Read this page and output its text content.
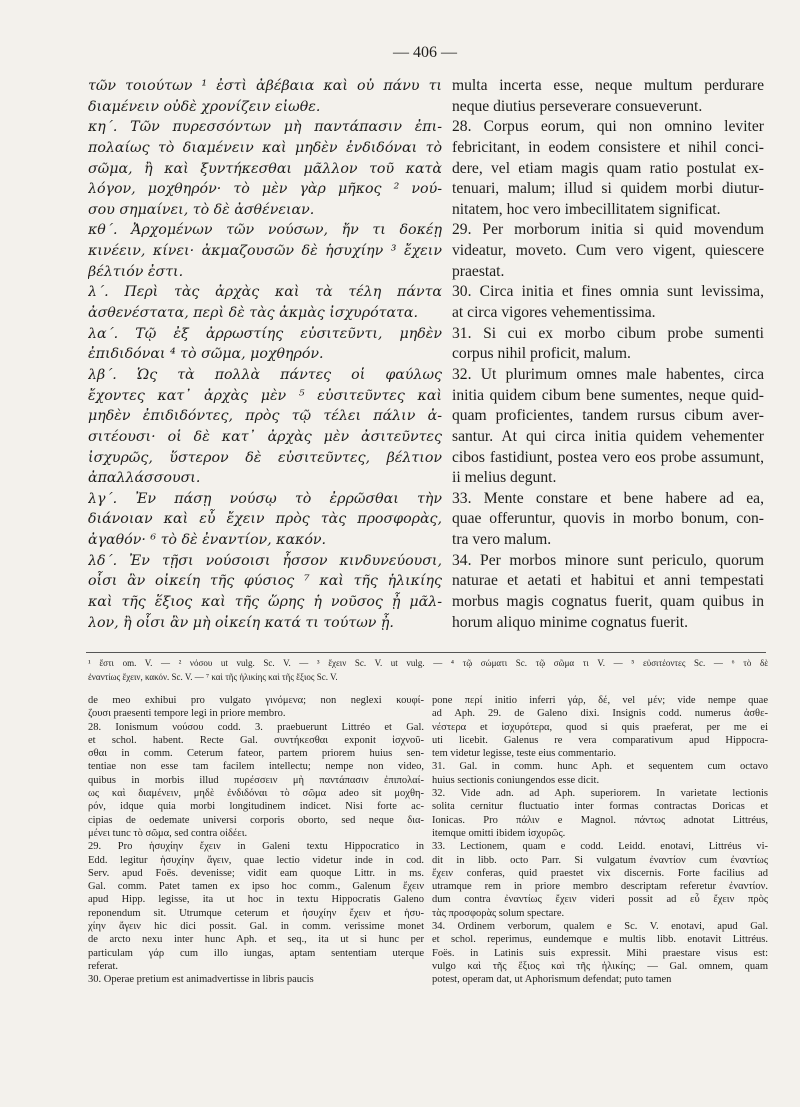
— 406 —
τῶν τοιούτων ¹ ἐστὶ ἀβέβαια καὶ οὐ πάνυ τι
διαμένειν οὐδὲ χρονίζειν εἰωθε.
κη΄. Τῶν πυρεσσόντων μὴ παντάπασιν ἐπι-
πολαίως τὸ διαμένειν καὶ μηδὲν ἐνδιδόναι τὸ
σῶμα, ἢ καὶ ξυντήκεσθαι μᾶλλον τοῦ κατὰ
λόγον, μοχθηρόν· τὸ μὲν γὰρ μῆκος ² νού-
σου σημαίνει, τὸ δὲ ἀσθένειαν.
κθ΄. Ἀρχομένων τῶν νούσων, ἤν τι δοκέῃ
κινέειν, κίνει· ἀκμαζουσῶν δὲ ἡσυχίην ³ ἔχειν
βέλτιόν ἐστι.
λ΄. Περὶ τὰς ἀρχὰς καὶ τὰ τέλη πάντα
ἀσθενέστατα, περὶ δὲ τὰς ἀκμὰς ἰσχυρότατα.
λα΄. Τῷ ἐξ ἀρρωστίης εὐσιτεῦντι, μηδὲν
ἐπιδιδόναι ⁴ τὸ σῶμα, μοχθηρόν.
λβ΄. Ὡς τὰ πολλὰ πάντες οἱ φαύλως
ἔχοντες κατ᾽ ἀρχὰς μὲν ⁵ εὐσιτεῦντες καὶ
μηδὲν ἐπιδιδόντες, πρὸς τῷ τέλει πάλιν ἀ-
σιτέουσι· οἱ δὲ κατ᾽ ἀρχὰς μὲν ἀσιτεῦντες
ἰσχυρῶς, ὕστερον δὲ εὐσιτεῦντες, βέλτιον
ἀπαλλάσσουσι.
λγ΄. Ἐν πάσῃ νούσῳ τὸ ἐρρῶσθαι τὴν
διάνοιαν καὶ εὖ ἔχειν πρὸς τὰς προσφορὰς,
ἀγαθόν· ⁶ τὸ δὲ ἐναντίον, κακόν.
λδ΄. Ἐν τῇσι νούσοισι ἧσσον κινδυνεύουσι,
οἷσι ἂν οἰκείη τῆς φύσιος ⁷ καὶ τῆς ἡλικίης
καὶ τῆς ἕξιος καὶ τῆς ὥρης ἡ νοῦσος ᾖ μᾶλ-
λον, ἢ οἷσι ἂν μὴ οἰκείη κατά τι τούτων ᾖ.
multa incerta esse, neque multum perdurare
neque diutius perseverare consueverunt.
28. Corpus eorum, qui non omnino leviter
febricitant, in eodem consistere et nihil conci-
dere, vel etiam magis quam ratio postulat ex-
tenuari, malum; illud si quidem morbi diutur-
nitatem, hoc vero imbecillitatem significat.
29. Per morborum initia si quid movendum
videatur, moveto. Cum vero vigent, quiescere
praestat.
30. Circa initia et fines omnia sunt levissima,
at circa vigores vehementissima.
31. Si cui ex morbo cibum probe sumenti
corpus nihil proficit, malum.
32. Ut plurimum omnes male habentes, circa
initia quidem cibum bene sumentes, neque quid-
quam proficientes, tandem rursus cibum aver-
santur. At qui circa initia quidem vehementer
cibos fastidiunt, postea vero eos probe assumunt,
ii melius degunt.
33. Mente constare et bene habere ad ea,
quae offeruntur, quovis in morbo bonum, con-
tra vero malum.
34. Per morbos minore sunt periculo, quorum
naturae et aetati et habitui et anni tempestati
morbus magis cognatus fuerit, quam quibus in
horum aliquo minime cognatus fuerit.
¹ ἔστι om. V. — ² νόσου ut vulg. Sc. V. — ³ ἔχειν Sc. V. ut vulg. — ⁴ τῷ σώματι Sc. τῷ σῶμα τι V. — ⁵ εὐσιτέοντες Sc. — ⁶ τὸ δὲ
ἐναντίως ἔχειν, κακόν. Sc. V. — ⁷ καὶ τῆς ἡλικίης καὶ τῆς ἕξιος Sc. V.
de meo exhibui pro vulgato γινόμενα; non neglexi κουφί-
ζουσι praesenti tempore legi in priore membro.
28. Ionismum νούσου codd. 3. praebuerunt Littréo et Gal.
et schol. habent. Recte Gal. συντήκεσθαι exponit ἰσχνοῦ-
σθαι in comm. Ceterum fateor, partem priorem huius sen-
tentiae non esse tam facilem intellectu; nempe non video,
quibus in morbis illud πυρέσσειν μὴ παντάπασιν ἐπιπολαί-
ως καὶ διαμένειν, μηδὲ ἐνδιδόναι τὸ σῶμα adeo sit μοχθη-
ρόν, idque quia morbi longitudinem indicet. Nisi forte ac-
cipias de oedemate universi corporis oborto, sed neque δια-
μένει tunc τὸ σῶμα, sed contra οἰδέει.
29. Pro ἡσυχίην ἔχειν in Galeni textu Hippocratico in
Edd. legitur ἡσυχίην ἄγειν, quae lectio videtur inde in cod.
Serv. apud Foës. devenisse; vidit eam quoque Littr. in ms.
Gal. comm. Patet tamen ex ipso hoc comm., Galenum ἔχειν
apud Hipp. legisse, ita ut hoc in textu Hippocratis Galeno
reponendum sit. Utrumque ceterum et ἡσυχίην ἔχειν et ἡσυ-
χίην ἄγειν hic dici possit. Gal. in comm. verissime monet
de arcto nexu inter hunc Aph. et seq., ita ut si hunc per
particulam γάρ cum illo iungas, aptam sententiam uterque
referat.
30. Operae pretium est animadvertisse in libris paucis
pone περί initio inferri γάρ, δέ, vel μέν; vide nempe quae
ad Aph. 29. de Galeno dixi. Insignis codd. numerus ἀσθε-
νέστερα et ἰσχυρότερα, quod si quis praeferat, per me ei
uti licebit. Galenus re vera comparativum apud Hippocra-
tem videtur legisse, teste eius commentario.
31. Gal. in comm. hunc Aph. et sequentem cum octavo
huius sectionis coniungendos esse dicit.
32. Vide adn. ad Aph. superiorem. In varietate lectionis
solita cernitur fluctuatio inter formas contractas Doricas et
Ionicas. Pro πάλιν e Magnol. πάντως adnotat Littréus,
itemque omitti ibidem ἰσχυρῶς.
33. Lectionem, quam e codd. Leidd. enotavi, Littréus vi-
dit in libb. octo Parr. Si vulgatum ἐναντίον cum ἐναντίως
ἔχειν conferas, quid praestet vix discernis. Forte facilius ad
utramque rem in priore membro descriptam referetur ἐναντίον.
dum contra ἐναντίως ἔχειν videri possit ad εὖ ἔχειν πρὸς
τὰς προσφορὰς solum spectare.
34. Ordinem verborum, qualem e Sc. V. enotavi, apud Gal.
et schol. reperimus, eundemque e multis libb. enotavit Littréus.
Foës. in Latinis suis expressit. Mihi praestare visus est:
vulgo καὶ τῆς ἕξιος καὶ τῆς ἡλικίης; — Gal. omnem, quam
potest, operam dat, ut Aphorismum defendat; puto tamen
